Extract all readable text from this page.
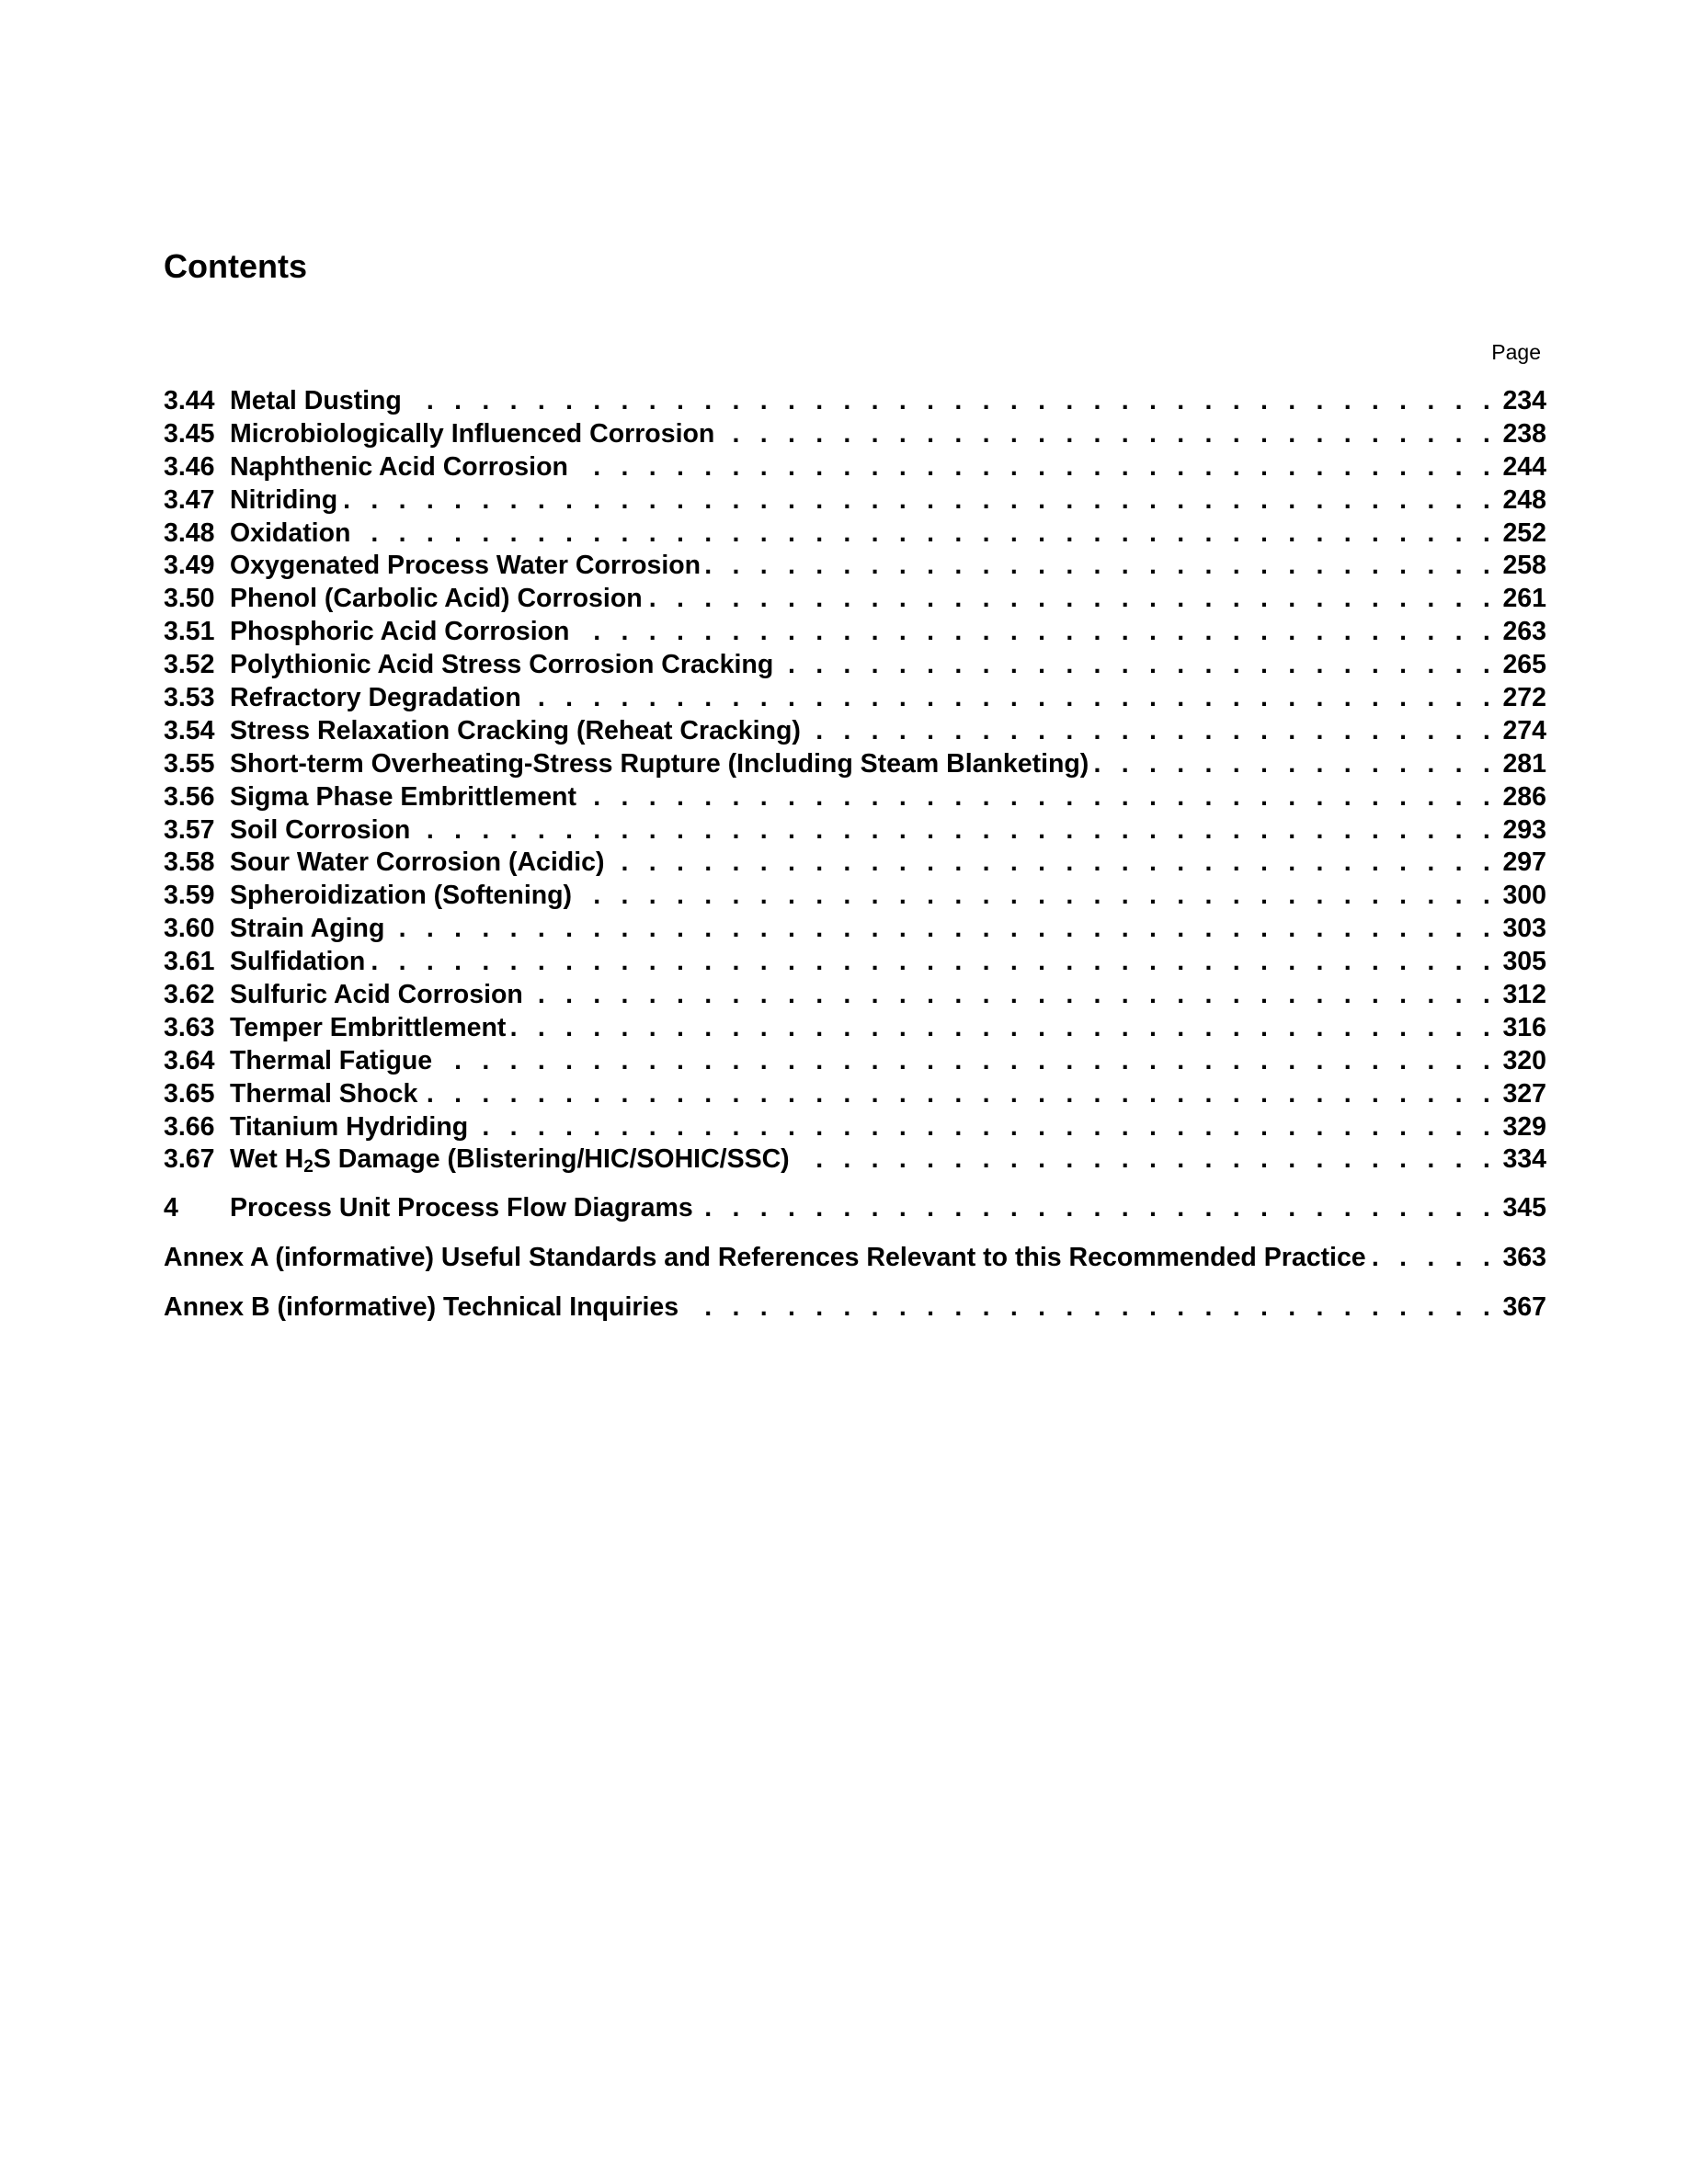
Contents
Page
3.44 Metal Dusting . . .	234
3.45 Microbiologically Influenced Corrosion . . .	238
3.46 Naphthenic Acid Corrosion . . .	244
3.47 Nitriding . . .	248
3.48 Oxidation . . .	252
3.49 Oxygenated Process Water Corrosion . . .	258
3.50 Phenol (Carbolic Acid) Corrosion . . .	261
3.51 Phosphoric Acid Corrosion . . .	263
3.52 Polythionic Acid Stress Corrosion Cracking . . .	265
3.53 Refractory Degradation . . .	272
3.54 Stress Relaxation Cracking (Reheat Cracking) . . .	274
3.55 Short-term Overheating-Stress Rupture (Including Steam Blanketing) . . .	281
3.56 Sigma Phase Embrittlement . . .	286
3.57 Soil Corrosion . . .	293
3.58 Sour Water Corrosion (Acidic) . . .	297
3.59 Spheroidization (Softening) . . .	300
3.60 Strain Aging . . .	303
3.61 Sulfidation . . .	305
3.62 Sulfuric Acid Corrosion . . .	312
3.63 Temper Embrittlement . . .	316
3.64 Thermal Fatigue . . .	320
3.65 Thermal Shock . . .	327
3.66 Titanium Hydriding . . .	329
3.67 Wet $H_2S$ Damage (Blistering/HIC/SOHIC/SSC) . . .	334
4	Process Unit Process Flow Diagrams . . .	345
Annex A (informative) Useful Standards and References Relevant to this Recommended Practice . . .	363
Annex B (informative) Technical Inquiries . . .	367
